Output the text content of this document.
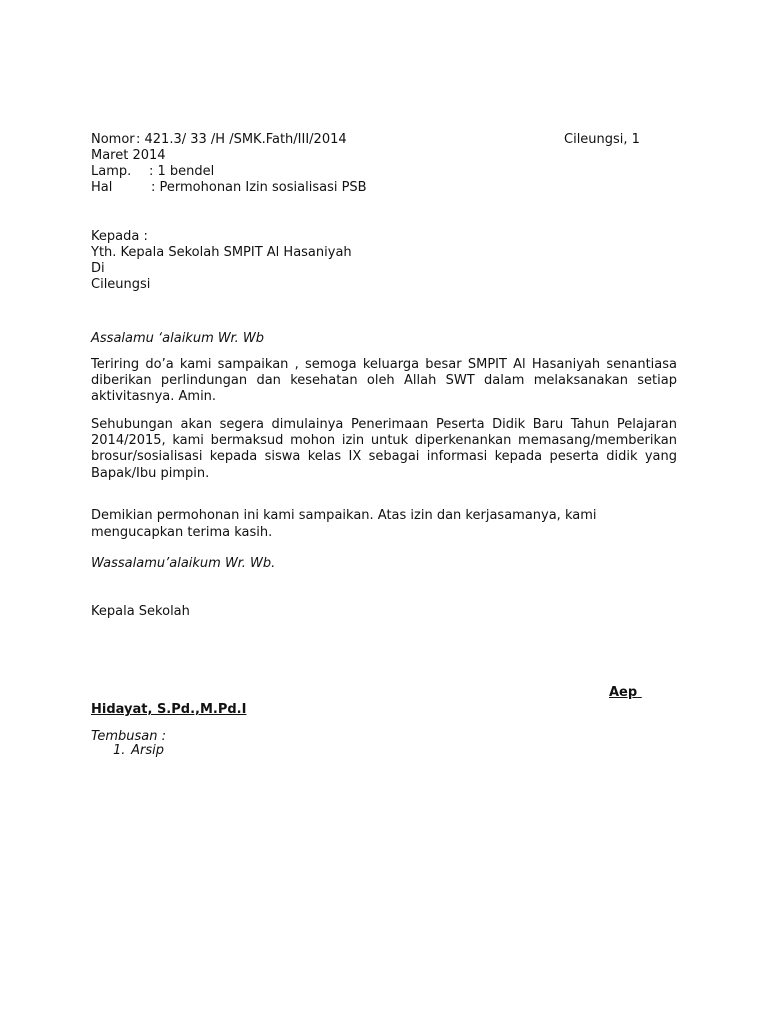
Nomor: 421.3/ 33 /H /SMK.Fath/III/2014	Cileungsi, 1
Maret 2014
Lamp. : 1 bendel
Hal	: Permohonan Izin sosialisasi PSB
Kepada :
Yth. Kepala Sekolah SMPIT Al Hasaniyah
Di
Cileungsi
Assalamu ‘alaikum Wr. Wb
Teriring do’a kami sampaikan , semoga keluarga besar SMPIT Al Hasaniyah senantiasa diberikan perlindungan dan kesehatan oleh Allah SWT dalam melaksanakan setiap aktivitasnya. Amin.
Sehubungan akan segera dimulainya Penerimaan Peserta Didik Baru Tahun Pelajaran 2014/2015, kami bermaksud mohon izin untuk diperkenankan memasang/memberikan brosur/sosialisasi kepada siswa kelas IX sebagai informasi kepada peserta didik yang Bapak/Ibu pimpin.
Demikian permohonan ini kami sampaikan. Atas izin dan kerjasamanya, kami
mengucapkan terima kasih.
Wassalamu’alaikum Wr. Wb.
Kepala Sekolah
Aep
Hidayat, S.Pd.,M.Pd.I
Tembusan :
1. Arsip
